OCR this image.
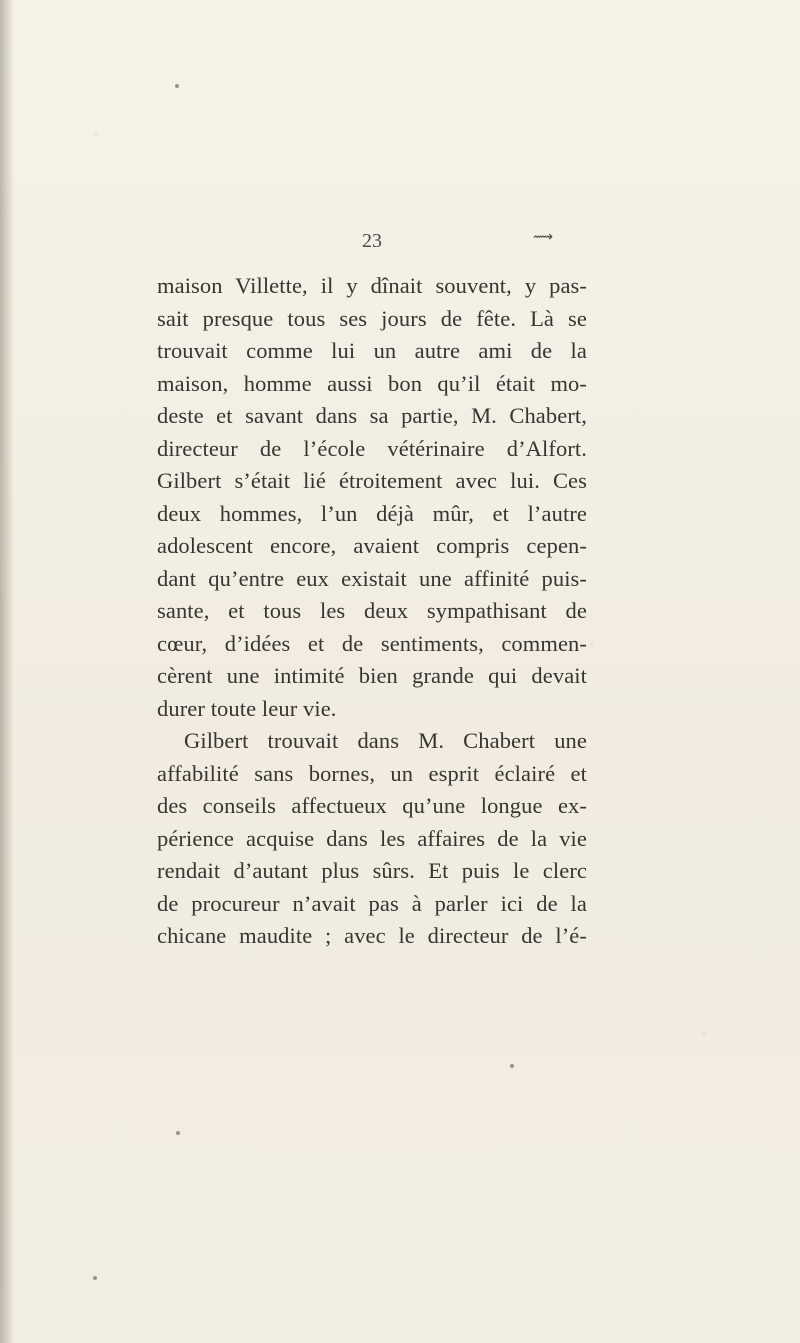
23	⟿
maison Villette, il y dînait souvent, y pas-
sait presque tous ses jours de fête. Là se
trouvait comme lui un autre ami de la
maison, homme aussi bon qu’il était mo-
deste et savant dans sa partie, M. Chabert,
directeur de l’école vétérinaire d’Alfort.
Gilbert s’était lié étroitement avec lui. Ces
deux hommes, l’un déjà mûr, et l’autre
adolescent encore, avaient compris cepen-
dant qu’entre eux existait une affinité puis-
sante, et tous les deux sympathisant de
cœur, d’idées et de sentiments, commen-
cèrent une intimité bien grande qui devait
durer toute leur vie.
Gilbert trouvait dans M. Chabert une
affabilité sans bornes, un esprit éclairé et
des conseils affectueux qu’une longue ex-
périence acquise dans les affaires de la vie
rendait d’autant plus sûrs. Et puis le clerc
de procureur n’avait pas à parler ici de la
chicane maudite ; avec le directeur de l’é-
